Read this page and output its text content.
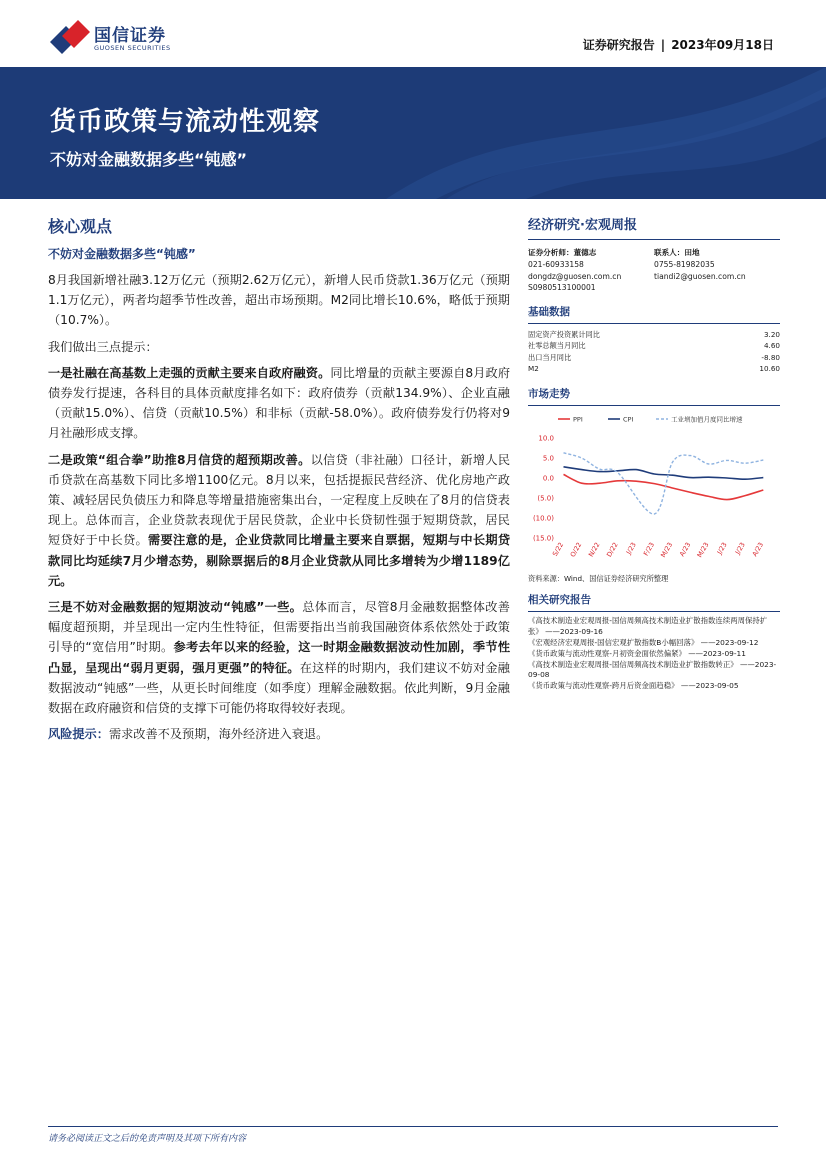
国信证券
GUOSEN SECURITIES	证券研究报告 | 2023年09月18日
货币政策与流动性观察
不妨对金融数据多些“钝感”
核心观点
不妨对金融数据多些“钝感”

8月我国新增社融3.12万亿元（预期2.62万亿元），新增人民币贷款1.36万亿元（预期1.1万亿元），两者均超季节性改善，超出市场预期。M2同比增长10.6%，略低于预期（10.7%）。

我们做出三点提示：

一是社融在高基数上走强的贡献主要来自政府融资。同比增量的贡献主要源自8月政府债券发行提速，各科目的具体贡献度排名如下：政府债券（贡献134.9%）、企业直融（贡献15.0%）、信贷（贡献10.5%）和非标（贡献-58.0%）。政府债券发行仍将对9月社融形成支撑。

二是政策“组合拳”助推8月信贷的超预期改善。以信贷（非社融）口径计，新增人民币贷款在高基数下同比多增1100亿元。8月以来，包括提振民营经济、优化房地产政策、减轻居民负债压力和降息等增量措施密集出台，一定程度上反映在了8月的信贷表现上。总体而言，企业贷款表现优于居民贷款，企业中长贷韧性强于短期贷款，居民短贷好于中长贷。需要注意的是，企业贷款同比增量主要来自票据，短期与中长期贷款同比均延续7月少增态势，剔除票据后的8月企业贷款从同比多增转为少增1189亿元。

三是不妨对金融数据的短期波动“钝感”一些。总体而言，尽管8月金融数据整体改善幅度超预期，并呈现出一定内生性特征，但需要指出当前我国融资体系依然处于政策引导的“宽信用”时期。参考去年以来的经验，这一时期金融数据波动性加剧，季节性凸显，呈现出“弱月更弱，强月更强”的特征。在这样的时期内，我们建议不妨对金融数据波动“钝感”一些，从更长时间维度（如季度）理解金融数据。依此判断，9月金融数据在政府融资和信贷的支撑下可能仍将取得较好表现。

风险提示：需求改善不及预期，海外经济进入衰退。

经济研究·宏观周报
证券分析师：董德志
021-60933158
dongdz@guosen.com.cn
S0980513100001
联系人：田地
0755-81982035
tiandi2@guosen.com.cn
基础数据
固定资产投资累计同比	3.20
社零总额当月同比	4.60
出口当月同比	-8.80
M2	10.60
市场走势
10.0
5.0
0.0
(5.0)
(10.0)
(15.0)
S/22 O/22 N/22 D/22 J/23 F/23 M/23 A/23 M/23 J/23 J/23 A/23
PPI	CPI	工业增加值月度同比增速
资料来源：Wind、国信证券经济研究所整理
相关研究报告
《高技术制造业宏观周报-国信周频高技术制造业扩散指数连续两周保持扩张》 ——2023-09-16
《宏观经济宏观周报-国信宏观扩散指数B小幅回落》 ——2023-09-12
《货币政策与流动性观察-月初资金面依然偏紧》 ——2023-09-11
《高技术制造业宏观周报-国信周频高技术制造业扩散指数转正》 ——2023-09-08
《货币政策与流动性观察-跨月后资金面趋稳》 ——2023-09-05
请务必阅读正文之后的免责声明及其项下所有内容
